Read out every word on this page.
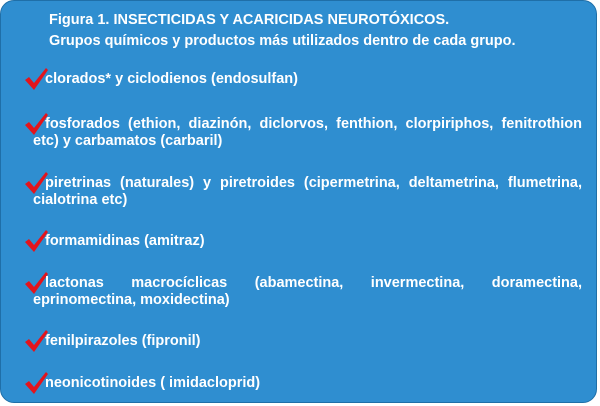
Figura 1. INSECTICIDAS Y ACARICIDAS NEUROTÓXICOS.
Grupos químicos y productos más utilizados dentro de cada grupo.
clorados* y ciclodienos (endosulfan)
fosforados (ethion, diazinón, diclorvos, fenthion, clorpiriphos, fenitrothion etc) y carbamatos (carbaril)
piretrinas (naturales) y piretroides (cipermetrina, deltametrina, flumetrina, cialotrina etc)
formamidinas (amitraz)
lactonas macrocíclicas (abamectina, invermectina, doramectina, eprinomectina, moxidectina)
fenilpirazoles (fipronil)
neonicotinoides ( imidacloprid)
